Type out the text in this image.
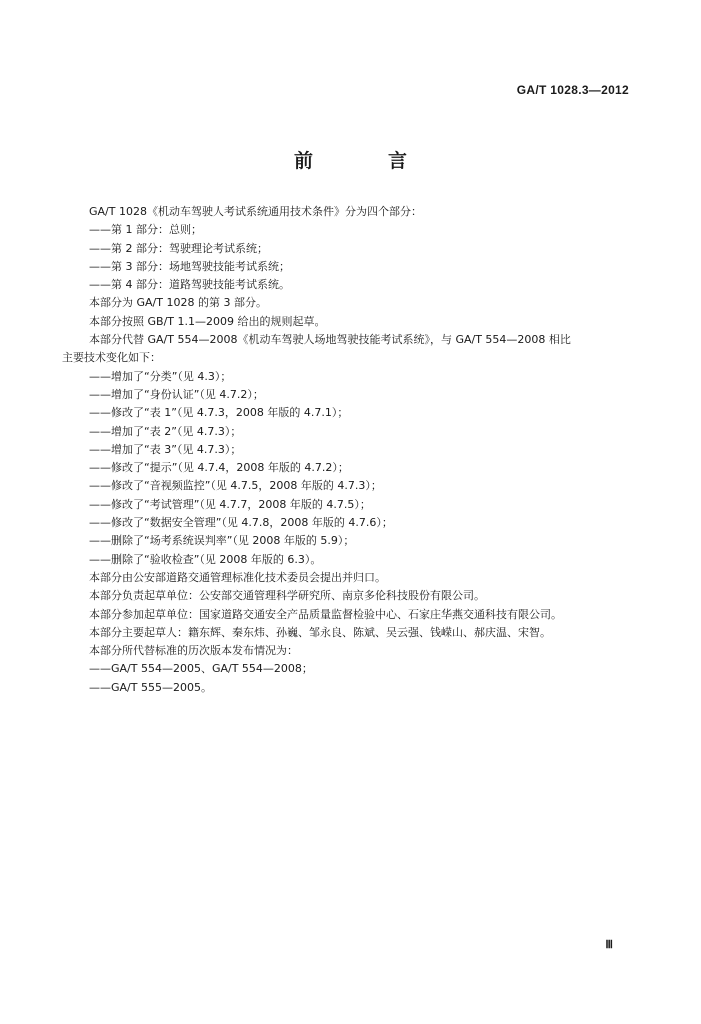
GA/T 1028.3—2012
前　言
GA/T 1028《机动车驾驶人考试系统通用技术条件》分为四个部分：
——第 1 部分：总则；
——第 2 部分：驾驶理论考试系统；
——第 3 部分：场地驾驶技能考试系统；
——第 4 部分：道路驾驶技能考试系统。
本部分为 GA/T 1028 的第 3 部分。
本部分按照 GB/T 1.1—2009 给出的规则起草。
本部分代替 GA/T 554—2008《机动车驾驶人场地驾驶技能考试系统》，与 GA/T 554—2008 相比
主要技术变化如下：
——增加了“分类”（见 4.3）；
——增加了“身份认证”（见 4.7.2）；
——修改了“表 1”（见 4.7.3，2008 年版的 4.7.1）；
——增加了“表 2”（见 4.7.3）；
——增加了“表 3”（见 4.7.3）；
——修改了“提示”（见 4.7.4，2008 年版的 4.7.2）；
——修改了“音视频监控”（见 4.7.5，2008 年版的 4.7.3）；
——修改了“考试管理”（见 4.7.7，2008 年版的 4.7.5）；
——修改了“数据安全管理”（见 4.7.8，2008 年版的 4.7.6）；
——删除了“场考系统误判率”（见 2008 年版的 5.9）；
——删除了“验收检查”（见 2008 年版的 6.3）。
本部分由公安部道路交通管理标准化技术委员会提出并归口。
本部分负责起草单位：公安部交通管理科学研究所、南京多伦科技股份有限公司。
本部分参加起草单位：国家道路交通安全产品质量监督检验中心、石家庄华燕交通科技有限公司。
本部分主要起草人：籍东辉、秦东炜、孙巍、邹永良、陈斌、吴云强、钱嵘山、郝庆温、宋智。
本部分所代替标准的历次版本发布情况为：
——GA/T 554—2005、GA/T 554—2008；
——GA/T 555—2005。
Ⅲ
